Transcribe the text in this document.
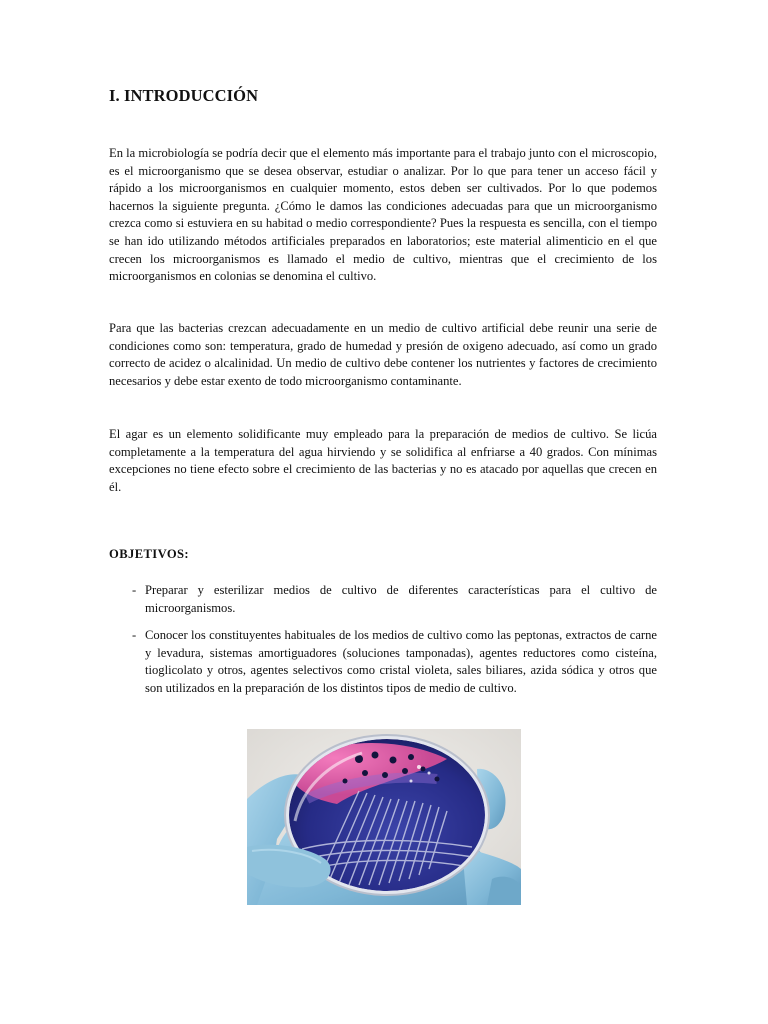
I. INTRODUCCIÓN

En la microbiología se podría decir que el elemento más importante para el trabajo junto con el microscopio, es el microorganismo que se desea observar, estudiar o analizar. Por lo que para tener un acceso fácil y rápido a los microorganismos en cualquier momento, estos deben ser cultivados. Por lo que podemos hacernos la siguiente pregunta. ¿Cómo le damos las condiciones adecuadas para que un microorganismo crezca como si estuviera en su habitad o medio correspondiente? Pues la respuesta es sencilla, con el tiempo se han ido utilizando métodos artificiales preparados en laboratorios; este material alimenticio en el que crecen los microorganismos es llamado el medio de cultivo, mientras que el crecimiento de los microorganismos en colonias se denomina el cultivo.

Para que las bacterias crezcan adecuadamente en un medio de cultivo artificial debe reunir una serie de condiciones como son: temperatura, grado de humedad y presión de oxigeno adecuado, así como un grado correcto de acidez o alcalinidad. Un medio de cultivo debe contener los nutrientes y factores de crecimiento necesarios y debe estar exento de todo microorganismo contaminante.

El agar es un elemento solidificante muy empleado para la preparación de medios de cultivo. Se licúa completamente a la temperatura del agua hirviendo y se solidifica al enfriarse a 40 grados. Con mínimas excepciones no tiene efecto sobre el crecimiento de las bacterias y no es atacado por aquellas que crecen en él.

OBJETIVOS:
- Preparar y esterilizar medios de cultivo de diferentes características para el cultivo de microorganismos.
- Conocer los constituyentes habituales de los medios de cultivo como las peptonas, extractos de carne y levadura, sistemas amortiguadores (soluciones tamponadas), agentes reductores como cisteína, tioglicolato y otros, agentes selectivos como cristal violeta, sales biliares, azida sódica y otros que son utilizados en la preparación de los distintos tipos de medio de cultivo.
